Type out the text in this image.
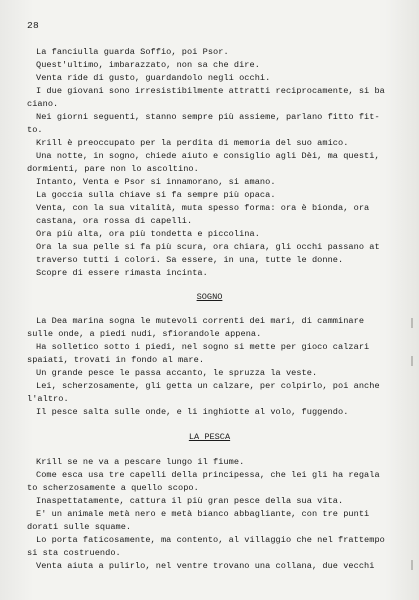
28
La fanciulla guarda Soffio, poi Psor.
Quest'ultimo, imbarazzato, non sa che dire.
Venta ride di gusto, guardandolo negli occhi.
I due giovani sono irresistibilmente attratti reciprocamente, si ba
ciano.
Nei giorni seguenti, stanno sempre più assieme, parlano fitto fit-
to.
Krill è preoccupato per la perdita di memoria del suo amico.
Una notte, in sogno, chiede aiuto e consiglio agli Dèi, ma questi,
dormienti, pare non lo ascoltino.
Intanto, Venta e Psor si innamorano, si amano.
La goccia sulla chiave si fa sempre più opaca.
Venta, con la sua vitalità, muta spesso forma: ora è bionda, ora
castana, ora rossa di capelli.
Ora più alta, ora più tondetta e piccolina.
Ora la sua pelle si fa più scura, ora chiara, gli occhi passano at
traverso tutti i colori. Sa essere, in una, tutte le donne.
Scopre di essere rimasta incinta.
SOGNO
La Dea marina sogna le mutevoli correnti dei mari, di camminare
sulle onde, a piedi nudi, sfiorandole appena.
Ha solletico sotto i piedi, nel sogno si mette per gioco calzari
spaiati, trovati in fondo al mare.
Un grande pesce le passa accanto, le spruzza la veste.
Lei, scherzosamente, gli getta un calzare, per colpirlo, poi anche
l'altro.
Il pesce salta sulle onde, e li inghiotte al volo, fuggendo.
LA PESCA
Krill se ne va a pescare lungo il fiume.
Come esca usa tre capelli della principessa, che lei gli ha regala
to scherzosamente a quello scopo.
Inaspettatamente, cattura il più gran pesce della sua vita.
E' un animale metà nero e metà bianco abbagliante, con tre punti
dorati sulle squame.
Lo porta faticosamente, ma contento, al villaggio che nel frattempo
si sta costruendo.
Venta aiuta a pulirlo, nel ventre trovano una collana, due vecchi
